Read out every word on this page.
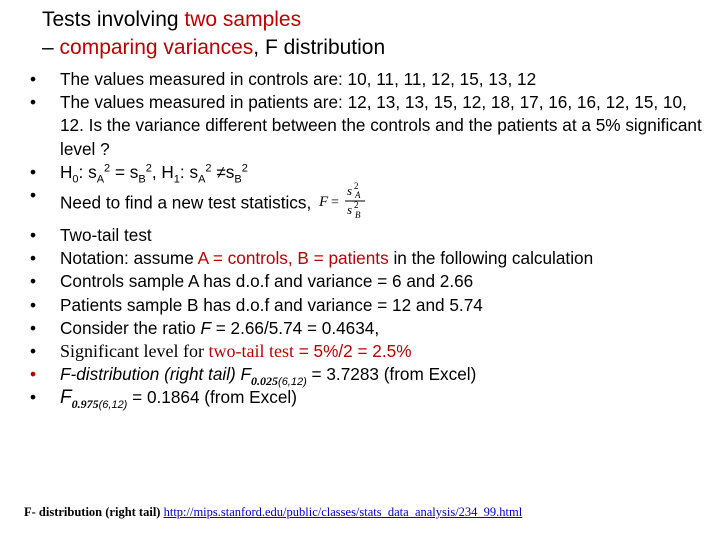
Tests involving two samples
– comparing variances, F distribution
•	The values measured in controls are: 10, 11, 11, 12, 15, 13, 12
•	The values measured in patients are: 12, 13, 13, 15, 12, 18, 17, 16, 16, 12, 15, 10, 12. Is the variance different between the controls and the patients at a 5% significant level ?
•	$H_0$: $s_A^2 = s_B^2$, $H_1$: $s_A^2 \ne s_B^2$
•	Need to find a new test statistics, F =
s 2
A
s 2
B
•	Two-tail test
•	Notation: assume A = controls, B = patients in the following calculation
•	Controls sample A has d.o.f and variance = 6 and 2.66
•	Patients sample B has d.o.f and variance = 12 and 5.74
•	Consider the ratio F = 2.66/5.74 = 0.4634,
•	Significant level for two-tail test = 5%/2 = 2.5%
•	F-distribution (right tail) $F_{0.025(6,12)} = 3.7283$ (from Excel)
•	$F_{0.975(6,12)} = 0.1864$ (from Excel)
F- distribution (right tail) http://mips.stanford.edu/public/classes/stats_data_analysis/234_99.html
